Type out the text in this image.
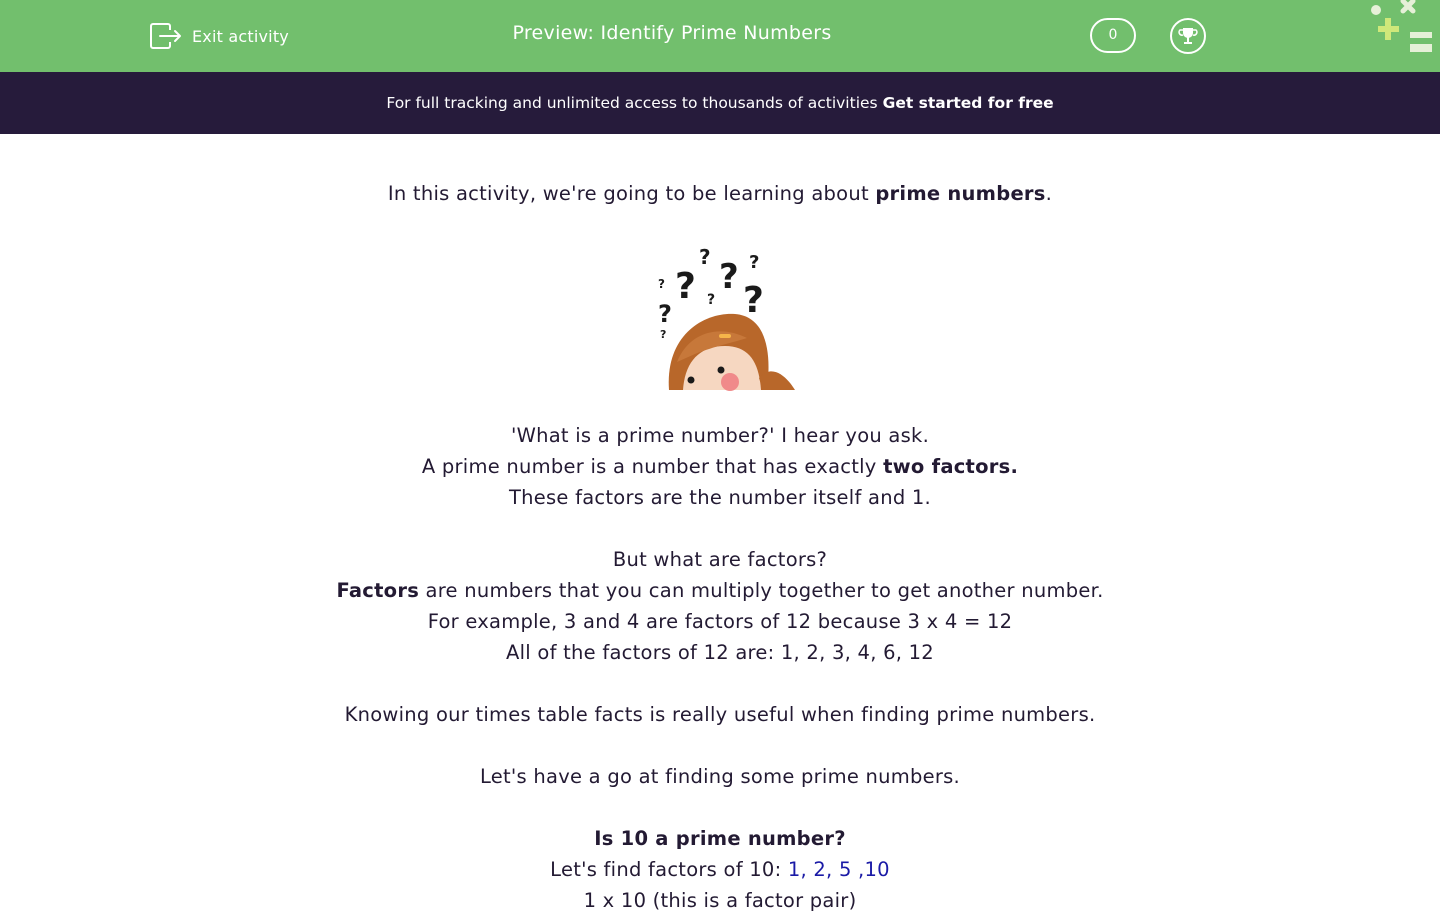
Exit activity	Preview: Identify Prime Numbers	0
For full tracking and unlimited access to thousands of activities Get started for free
In this activity, we're going to be learning about prime numbers.
?
? ? ?
?
?
?
?
?
'What is a prime number?' I hear you ask.
A prime number is a number that has exactly two factors.
These factors are the number itself and 1.
But what are factors?
Factors are numbers that you can multiply together to get another number.
For example, 3 and 4 are factors of 12 because 3 x 4 = 12
All of the factors of 12 are: 1, 2, 3, 4, 6, 12
Knowing our times table facts is really useful when finding prime numbers.
Let's have a go at finding some prime numbers.
Is 10 a prime number?
Let's find factors of 10: 1, 2, 5 ,10
1 x 10 (this is a factor pair)
